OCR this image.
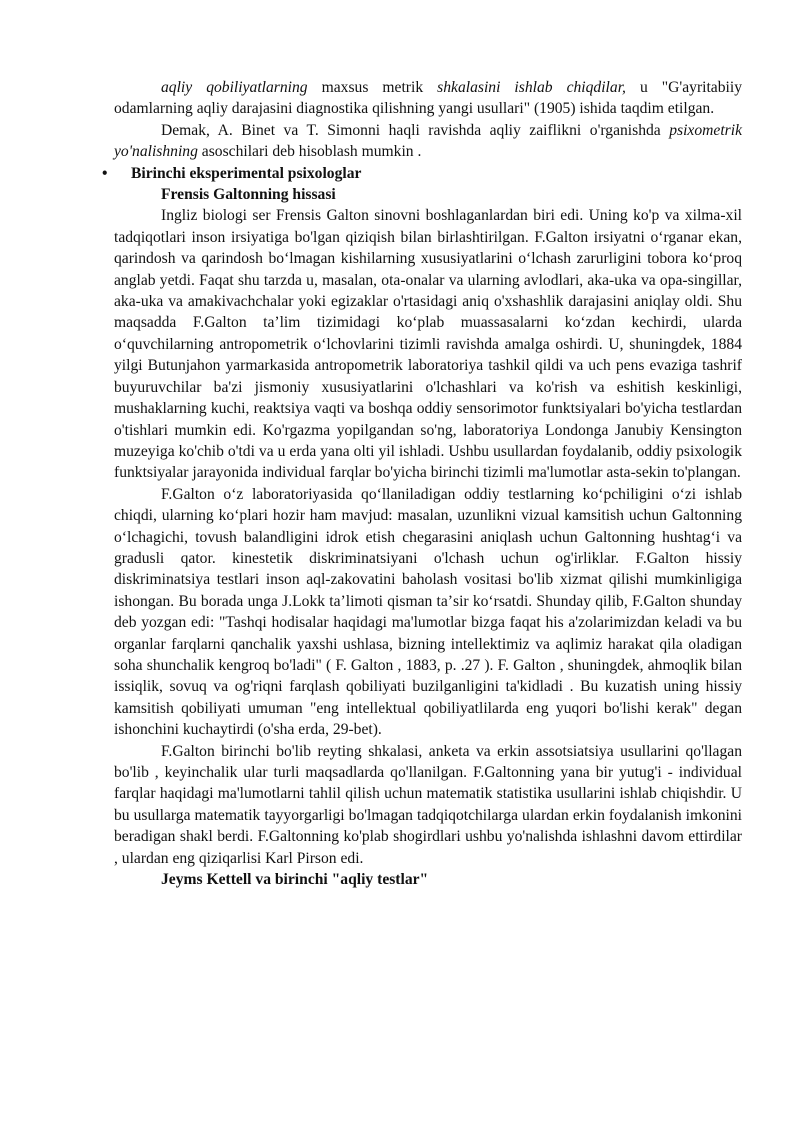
aqliy qobiliyatlarning maxsus metrik shkalasini ishlab chiqdilar, u "G'ayritabiiy odamlarning aqliy darajasini diagnostika qilishning yangi usullari" (1905) ishida taqdim etilgan.

Demak, A. Binet va T. Simonni haqli ravishda aqliy zaiflikni o'rganishda psixometrik yo'nalishning asoschilari deb hisoblash mumkin .

•	Birinchi eksperimental psixologlar
Frensis Galtonning hissasi

Ingliz biologi ser Frensis Galton sinovni boshlaganlardan biri edi. Uning ko'p va xilma-xil tadqiqotlari inson irsiyatiga bo'lgan qiziqish bilan birlashtirilgan. F.Galton irsiyatni oʻrganar ekan, qarindosh va qarindosh boʻlmagan kishilarning xususiyatlarini oʻlchash zarurligini tobora koʻproq anglab yetdi. Faqat shu tarzda u, masalan, ota-onalar va ularning avlodlari, aka-uka va opa-singillar, aka-uka va amakivachchalar yoki egizaklar o'rtasidagi aniq o'xshashlik darajasini aniqlay oldi. Shu maqsadda F.Galton taʼlim tizimidagi koʻplab muassasalarni koʻzdan kechirdi, ularda oʻquvchilarning antropometrik oʻlchovlarini tizimli ravishda amalga oshirdi. U, shuningdek, 1884 yilgi Butunjahon yarmarkasida antropometrik laboratoriya tashkil qildi va uch pens evaziga tashrif buyuruvchilar ba'zi jismoniy xususiyatlarini o'lchashlari va ko'rish va eshitish keskinligi, mushaklarning kuchi, reaktsiya vaqti va boshqa oddiy sensorimotor funktsiyalari bo'yicha testlardan o'tishlari mumkin edi. Ko'rgazma yopilgandan so'ng, laboratoriya Londonga Janubiy Kensington muzeyiga ko'chib o'tdi va u erda yana olti yil ishladi. Ushbu usullardan foydalanib, oddiy psixologik funktsiyalar jarayonida individual farqlar bo'yicha birinchi tizimli ma'lumotlar asta-sekin to'plangan.

F.Galton oʻz laboratoriyasida qoʻllaniladigan oddiy testlarning koʻpchiligini oʻzi ishlab chiqdi, ularning koʻplari hozir ham mavjud: masalan, uzunlikni vizual kamsitish uchun Galtonning oʻlchagichi, tovush balandligini idrok etish chegarasini aniqlash uchun Galtonning hushtagʻi va gradusli qator. kinestetik diskriminatsiyani o'lchash uchun og'irliklar. F.Galton hissiy diskriminatsiya testlari inson aql-zakovatini baholash vositasi bo'lib xizmat qilishi mumkinligiga ishongan. Bu borada unga J.Lokk taʼlimoti qisman taʼsir koʻrsatdi. Shunday qilib, F.Galton shunday deb yozgan edi: "Tashqi hodisalar haqidagi ma'lumotlar bizga faqat his a'zolarimizdan keladi va bu organlar farqlarni qanchalik yaxshi ushlasa, bizning intellektimiz va aqlimiz harakat qila oladigan soha shunchalik kengroq bo'ladi" ( F. Galton , 1883, p. .27 ). F. Galton , shuningdek, ahmoqlik bilan issiqlik, sovuq va og'riqni farqlash qobiliyati buzilganligini ta'kidladi . Bu kuzatish uning hissiy kamsitish qobiliyati umuman "eng intellektual qobiliyatlilarda eng yuqori bo'lishi kerak" degan ishonchini kuchaytirdi (o'sha erda, 29-bet).

F.Galton birinchi bo'lib reyting shkalasi, anketa va erkin assotsiatsiya usullarini qo'llagan bo'lib , keyinchalik ular turli maqsadlarda qo'llanilgan. F.Galtonning yana bir yutug'i - individual farqlar haqidagi ma'lumotlarni tahlil qilish uchun matematik statistika usullarini ishlab chiqishdir. U bu usullarga matematik tayyorgarligi bo'lmagan tadqiqotchilarga ulardan erkin foydalanish imkonini beradigan shakl berdi. F.Galtonning ko'plab shogirdlari ushbu yo'nalishda ishlashni davom ettirdilar , ulardan eng qiziqarlisi Karl Pirson edi.

Jeyms Kettell va birinchi "aqliy testlar"
